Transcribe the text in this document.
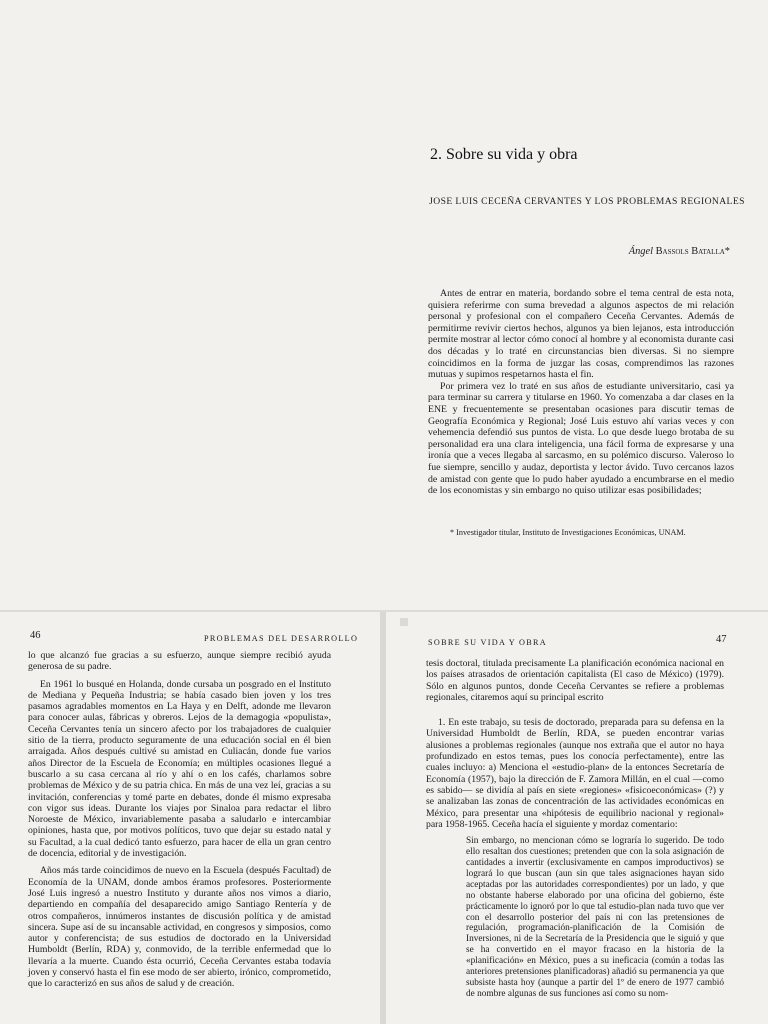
2. Sobre su vida y obra
JOSE LUIS CECEÑA CERVANTES Y LOS PROBLEMAS REGIONALES
Ángel Bassols Batalla*

Antes de entrar en materia, bordando sobre el tema central de esta nota, quisiera referirme con suma brevedad a algunos aspectos de mi relación personal y profesional con el compañero Ceceña Cervantes. Además de permitirme revivir ciertos hechos, algunos ya bien lejanos, esta introducción permite mostrar al lector cómo conocí al hombre y al economista durante casi dos décadas y lo traté en circunstancias bien diversas. Si no siempre coincidimos en la forma de juzgar las cosas, comprendimos las razones mutuas y supimos respetarnos hasta el fin.

Por primera vez lo traté en sus años de estudiante universitario, casi ya para terminar su carrera y titularse en 1960. Yo comenzaba a dar clases en la ENE y frecuentemente se presentaban ocasiones para discutir temas de Geografía Económica y Regional; José Luis estuvo ahí varias veces y con vehemencia defendió sus puntos de vista. Lo que desde luego brotaba de su personalidad era una clara inteligencia, una fácil forma de expresarse y una ironía que a veces llegaba al sarcasmo, en su polémico discurso. Valeroso lo fue siempre, sencillo y audaz, deportista y lector ávido. Tuvo cercanos lazos de amistad con gente que lo pudo haber ayudado a encumbrarse en el medio de los economistas y sin embargo no quiso utilizar esas posibilidades;

* Investigador titular, Instituto de Investigaciones Económicas, UNAM.
46	PROBLEMAS DEL DESARROLLO

lo que alcanzó fue gracias a su esfuerzo, aunque siempre recibió ayuda generosa de su padre.

En 1961 lo busqué en Holanda, donde cursaba un posgrado en el Instituto de Mediana y Pequeña Industria; se había casado bien joven y los tres pasamos agradables momentos en La Haya y en Delft, adonde me llevaron para conocer aulas, fábricas y obreros. Lejos de la demagogia «populista», Ceceña Cervantes tenía un sincero afecto por los trabajadores de cualquier sitio de la tierra, producto seguramente de una educación social en él bien arraigada. Años después cultivé su amistad en Culiacán, donde fue varios años Director de la Escuela de Economía; en múltiples ocasiones llegué a buscarlo a su casa cercana al río y ahí o en los cafés, charlamos sobre problemas de México y de su patria chica. En más de una vez leí, gracias a su invitación, conferencias y tomé parte en debates, donde él mismo expresaba con vigor sus ideas. Durante los viajes por Sinaloa para redactar el libro Noroeste de México, invariablemente pasaba a saludarlo e intercambiar opiniones, hasta que, por motivos políticos, tuvo que dejar su estado natal y su Facultad, a la cual dedicó tanto esfuerzo, para hacer de ella un gran centro de docencia, editorial y de investigación.

Años más tarde coincidimos de nuevo en la Escuela (después Facultad) de Economía de la UNAM, donde ambos éramos profesores. Posteriormente José Luis ingresó a nuestro Instituto y durante años nos vimos a diario, departiendo en compañía del desaparecido amigo Santiago Rentería y de otros compañeros, innúmeros instantes de discusión política y de amistad sincera. Supe así de su incansable actividad, en congresos y simposios, como autor y conferencista; de sus estudios de doctorado en la Universidad Humboldt (Berlín, RDA) y, conmovido, de la terrible enfermedad que lo llevaría a la muerte. Cuando ésta ocurrió, Ceceña Cervantes estaba todavía joven y conservó hasta el fin ese modo de ser abierto, irónico, comprometido, que lo caracterizó en sus años de salud y de creación.

SOBRE SU VIDA Y OBRA	47

tesis doctoral, titulada precisamente La planificación económica nacional en los países atrasados de orientación capitalista (El caso de México) (1979). Sólo en algunos puntos, donde Ceceña Cervantes se refiere a problemas regionales, citaremos aquí su principal escrito

1. En este trabajo, su tesis de doctorado, preparada para su defensa en la Universidad Humboldt de Berlín, RDA, se pueden encontrar varias alusiones a problemas regionales (aunque nos extraña que el autor no haya profundizado en estos temas, pues los conocía perfectamente), entre las cuales incluyo: a) Menciona el «estudio-plan» de la entonces Secretaría de Economía (1957), bajo la dirección de F. Zamora Millán, en el cual —como es sabido— se dividía al país en siete «regiones» «fisicoeconómicas» (?) y se analizaban las zonas de concentración de las actividades económicas en México, para presentar una «hipótesis de equilibrio nacional y regional» para 1958-1965. Ceceña hacía el siguiente y mordaz comentario:

Sin embargo, no mencionan cómo se lograría lo sugerido. De todo ello resaltan dos cuestiones; pretenden que con la sola asignación de cantidades a invertir (exclusivamente en campos improductivos) se logrará lo que buscan (aun sin que tales asignaciones hayan sido aceptadas por las autoridades correspondientes) por un lado, y que no obstante haberse elaborado por una oficina del gobierno, éste prácticamente lo ignoró por lo que tal estudio-plan nada tuvo que ver con el desarrollo posterior del país ni con las pretensiones de regulación, programación-planificación de la Comisión de Inversiones, ni de la Secretaría de la Presidencia que le siguió y que se ha convertido en el mayor fracaso en la historia de la «planificación» en México, pues a su ineficacia (común a todas las anteriores pretensiones planificadoras) añadió su permanencia ya que subsiste hasta hoy (aunque a partir del 1º de enero de 1977 cambió de nombre algunas de sus funciones así como su nom-
